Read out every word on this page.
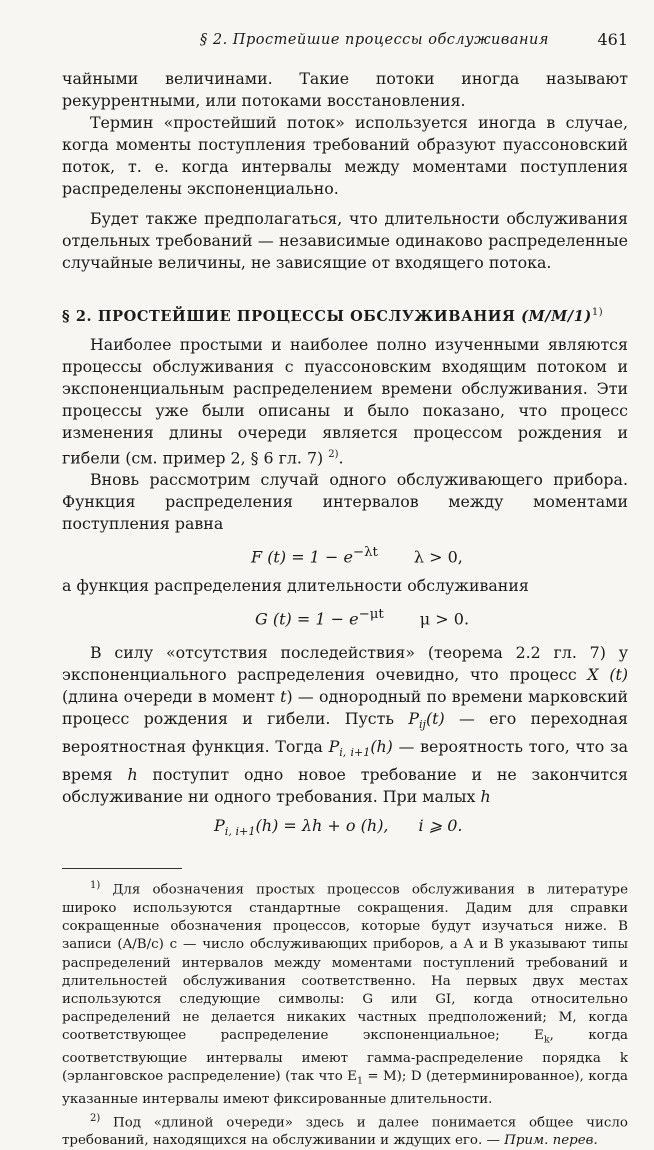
§ 2. Простейшие процессы обслуживания	461

чайными величинами. Такие потоки иногда называют рекуррентными, или потоками восстановления.

Термин «простейший поток» используется иногда в случае, когда моменты поступления требований образуют пуассоновский поток, т. е. когда интервалы между моментами поступления распределены экспоненциально.

Будет также предполагаться, что длительности обслуживания отдельных требований — независимые одинаково распределенные случайные величины, не зависящие от входящего потока.

§ 2. ПРОСТЕЙШИЕ ПРОЦЕССЫ ОБСЛУЖИВАНИЯ $(M/M/1)^{1)}$

Наиболее простыми и наиболее полно изученными являются процессы обслуживания с пуассоновским входящим потоком и экспоненциальным распределением времени обслуживания. Эти процессы уже были описаны и было показано, что процесс изменения длины очереди является процессом рождения и гибели (см. пример 2, § 6 гл. 7) $^{2)}$.

Вновь рассмотрим случай одного обслуживающего прибора. Функция распределения интервалов между моментами поступления равна

F $(t) = 1 - e^{-\lambda t}$ λ > 0,

а функция распределения длительности обслуживания

G $(t) = 1 - e^{-\mu t}$ μ > 0.

В силу «отсутствия последействия» (теорема 2.2 гл. 7) у экспоненциального распределения очевидно, что процесс X (t) (длина очереди в момент t) — однородный по времени марковский процесс рождения и гибели. Пусть $P_{ij}(t)$ — его переходная вероятностная функция. Тогда $P_{i, i+1}(h)$ — вероятность того, что за время h поступит одно новое требование и не закончится обслуживание ни одного требования. При малых h

$P_{i, i+1}(h) = \lambda h + o$ (h), i ⩾ 0.

$^{1)}$ Для обозначения простых процессов обслуживания в литературе широко используются стандартные сокращения. Дадим для справки сокращенные обозначения процессов, которые будут изучаться ниже. В записи (A/B/c) c — число обслуживающих приборов, а A и B указывают типы распределений интервалов между моментами поступлений требований и длительностей обслуживания соответственно. На первых двух местах используются следующие символы: G или GI, когда относительно распределений не делается никаких частных предположений; M, когда соответствующее распределение экспоненциальное; $E_k$, когда соответствующие интервалы имеют гамма-распределение порядка k (эрланговское распределение) (так что $E_1 = M$); D (детерминированное), когда указанные интервалы имеют фиксированные длительности.

$^{2)}$ Под «длиной очереди» здесь и далее понимается общее число требований, находящихся на обслуживании и ждущих его. — Прим. перев.
